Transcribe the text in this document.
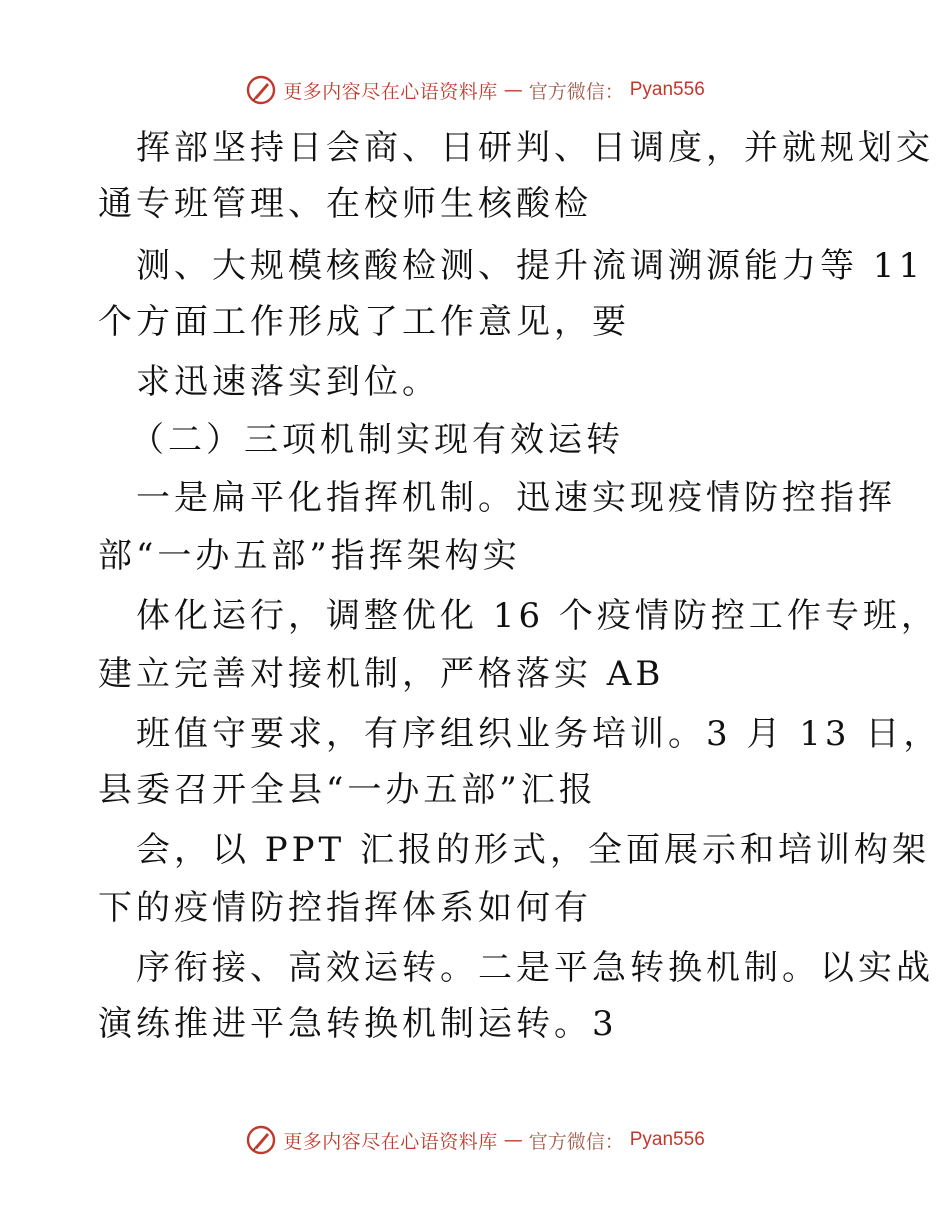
更多内容尽在心语资料库 — 官方微信： Pyan556
挥部坚持日会商、日研判、日调度，并就规划交
通专班管理、在校师生核酸检
测、大规模核酸检测、提升流调溯源能力等 11
个方面工作形成了工作意见，要
求迅速落实到位。
（二）三项机制实现有效运转
一是扁平化指挥机制。迅速实现疫情防控指挥
部“一办五部”指挥架构实
体化运行，调整优化 16 个疫情防控工作专班，
建立完善对接机制，严格落实 AB
班值守要求，有序组织业务培训。3 月 13 日，
县委召开全县“一办五部”汇报
会，以 PPT 汇报的形式，全面展示和培训构架
下的疫情防控指挥体系如何有
序衔接、高效运转。二是平急转换机制。以实战
演练推进平急转换机制运转。3
更多内容尽在心语资料库 — 官方微信： Pyan556
